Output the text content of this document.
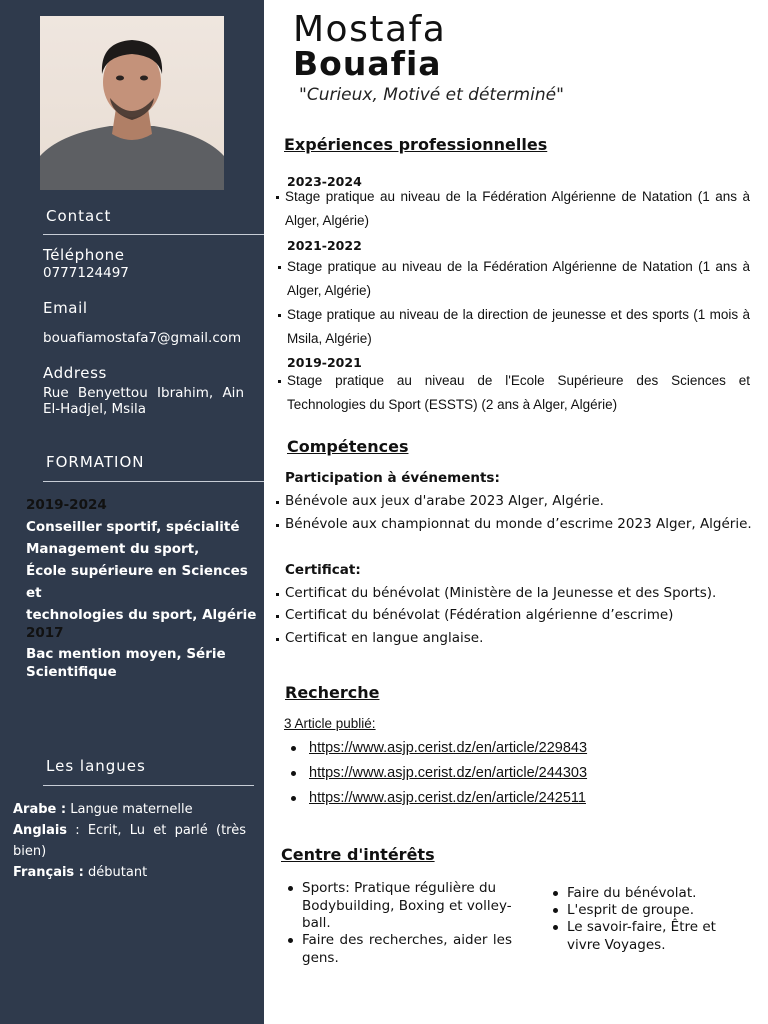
Contact
Téléphone
0777124497
Email
bouafiamostafa7@gmail.com
Address
Rue Benyettou Ibrahim, Ain El-Hadjel, Msila
FORMATION
2019-2024
Conseiller sportif, spécialité
Management du sport,
École supérieure en Sciences et
technologies du sport, Algérie
2017
Bac mention moyen, Série
Scientifique
Les langues
Arabe : Langue maternelle
Anglais : Ecrit, Lu et parlé (très bien)
Français : débutant
Mostafa
Bouafia
"Curieux, Motivé et déterminé"
Expériences professionnelles
2023-2024
Stage pratique au niveau de la Fédération Algérienne de Natation (1 ans à Alger, Algérie)
2021-2022
Stage pratique au niveau de la Fédération Algérienne de Natation (1 ans à Alger, Algérie)
Stage pratique au niveau de la direction de jeunesse et des sports (1 mois à Msila, Algérie)
2019-2021
Stage pratique au niveau de l'Ecole Supérieure des Sciences et Technologies du Sport (ESSTS) (2 ans à Alger, Algérie)
Compétences
Participation à événements:
Bénévole aux jeux d'arabe 2023 Alger, Algérie.
Bénévole aux championnat du monde d’escrime 2023 Alger, Algérie.
Certificat:
Certificat du bénévolat (Ministère de la Jeunesse et des Sports).
Certificat du bénévolat (Fédération algérienne d’escrime)
Certificat en langue anglaise.
Recherche
3 Article publié:
https://www.asjp.cerist.dz/en/article/229843
https://www.asjp.cerist.dz/en/article/244303
https://www.asjp.cerist.dz/en/article/242511
Centre d'intérêts
Sports: Pratique régulière du Bodybuilding, Boxing et volley-ball.
Faire des recherches, aider les gens.
Faire du bénévolat.
L'esprit de groupe.
Le savoir-faire, Être et vivre Voyages.
